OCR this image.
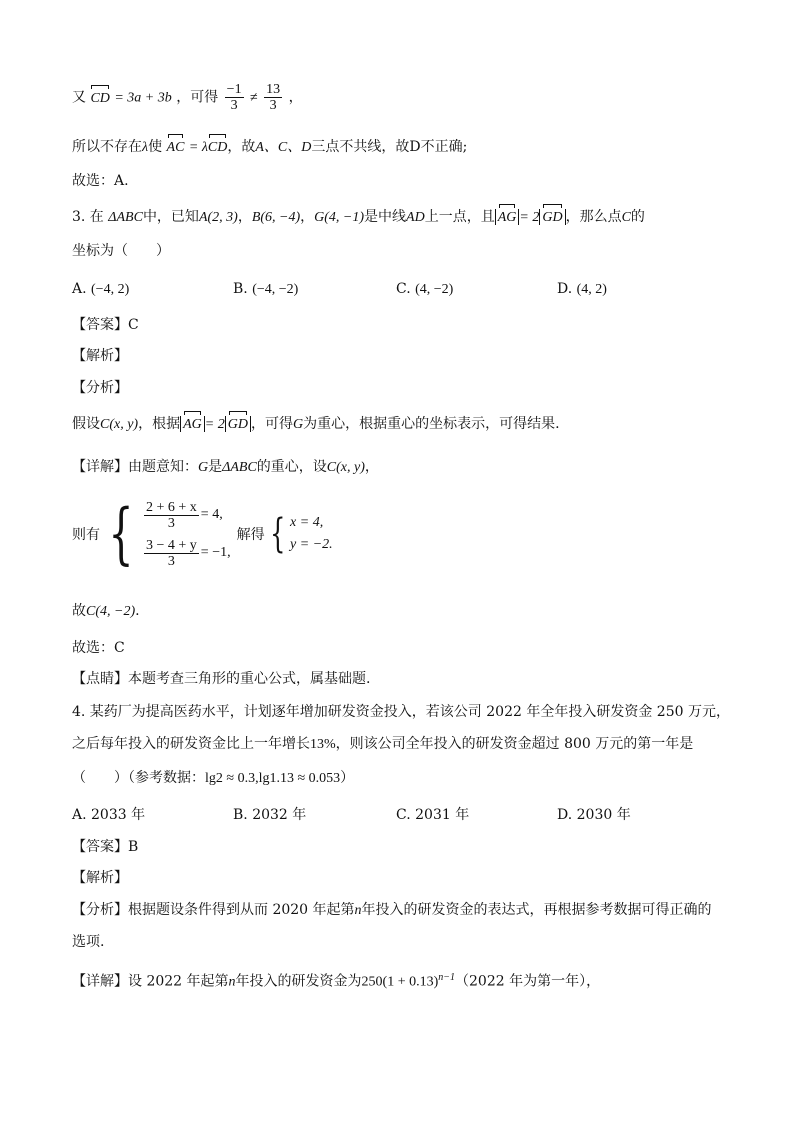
又 CD = 3a + 3b ，可得 $\frac{-1}{3} \ne \frac{13}{3}$ ，
所以不存在λ使 AC = λCD，故A、C、D三点不共线，故D不正确;
故选：A.
3. 在 ΔABC中，已知A(2, 3)，B(6, −4)，G(4, −1)是中线AD上一点，且 AG = 2 GD ，那么点C的
坐标为（　　）
A. (−4, 2)	B. (−4, −2)	C. (4, −2)	D. (4, 2)
【答案】C
【解析】
【分析】
假设C(x, y)，根据 AG = 2 GD ，可得G为重心，根据重心的坐标表示，可得结果.
【详解】由题意知：G是ΔABC的重心，设C(x, y)，
则有 { $\frac{2 + 6 + x}{3} = 4$,
$\frac{3 - 4 + y}{3} = -1$,
解得 { x = 4,
y = −2.
故C(4, −2).
故选：C
【点睛】本题考查三角形的重心公式，属基础题.
4. 某药厂为提高医药水平，计划逐年增加研发资金投入，若该公司 2022 年全年投入研发资金 250 万元，
之后每年投入的研发资金比上一年增长13%，则该公司全年投入的研发资金超过 800 万元的第一年是
（　　）（参考数据：lg2 ≈ 0.3,lg1.13 ≈ 0.053）
A. 2033 年	B. 2032 年	C. 2031 年	D. 2030 年
【答案】B
【解析】
【分析】根据题设条件得到从而 2020 年起第n年投入的研发资金的表达式，再根据参考数据可得正确的
选项.
【详解】设 2022 年起第n年投入的研发资金为$250(1 + 0.13)^{n-1}(2022$ 年为第一年），
